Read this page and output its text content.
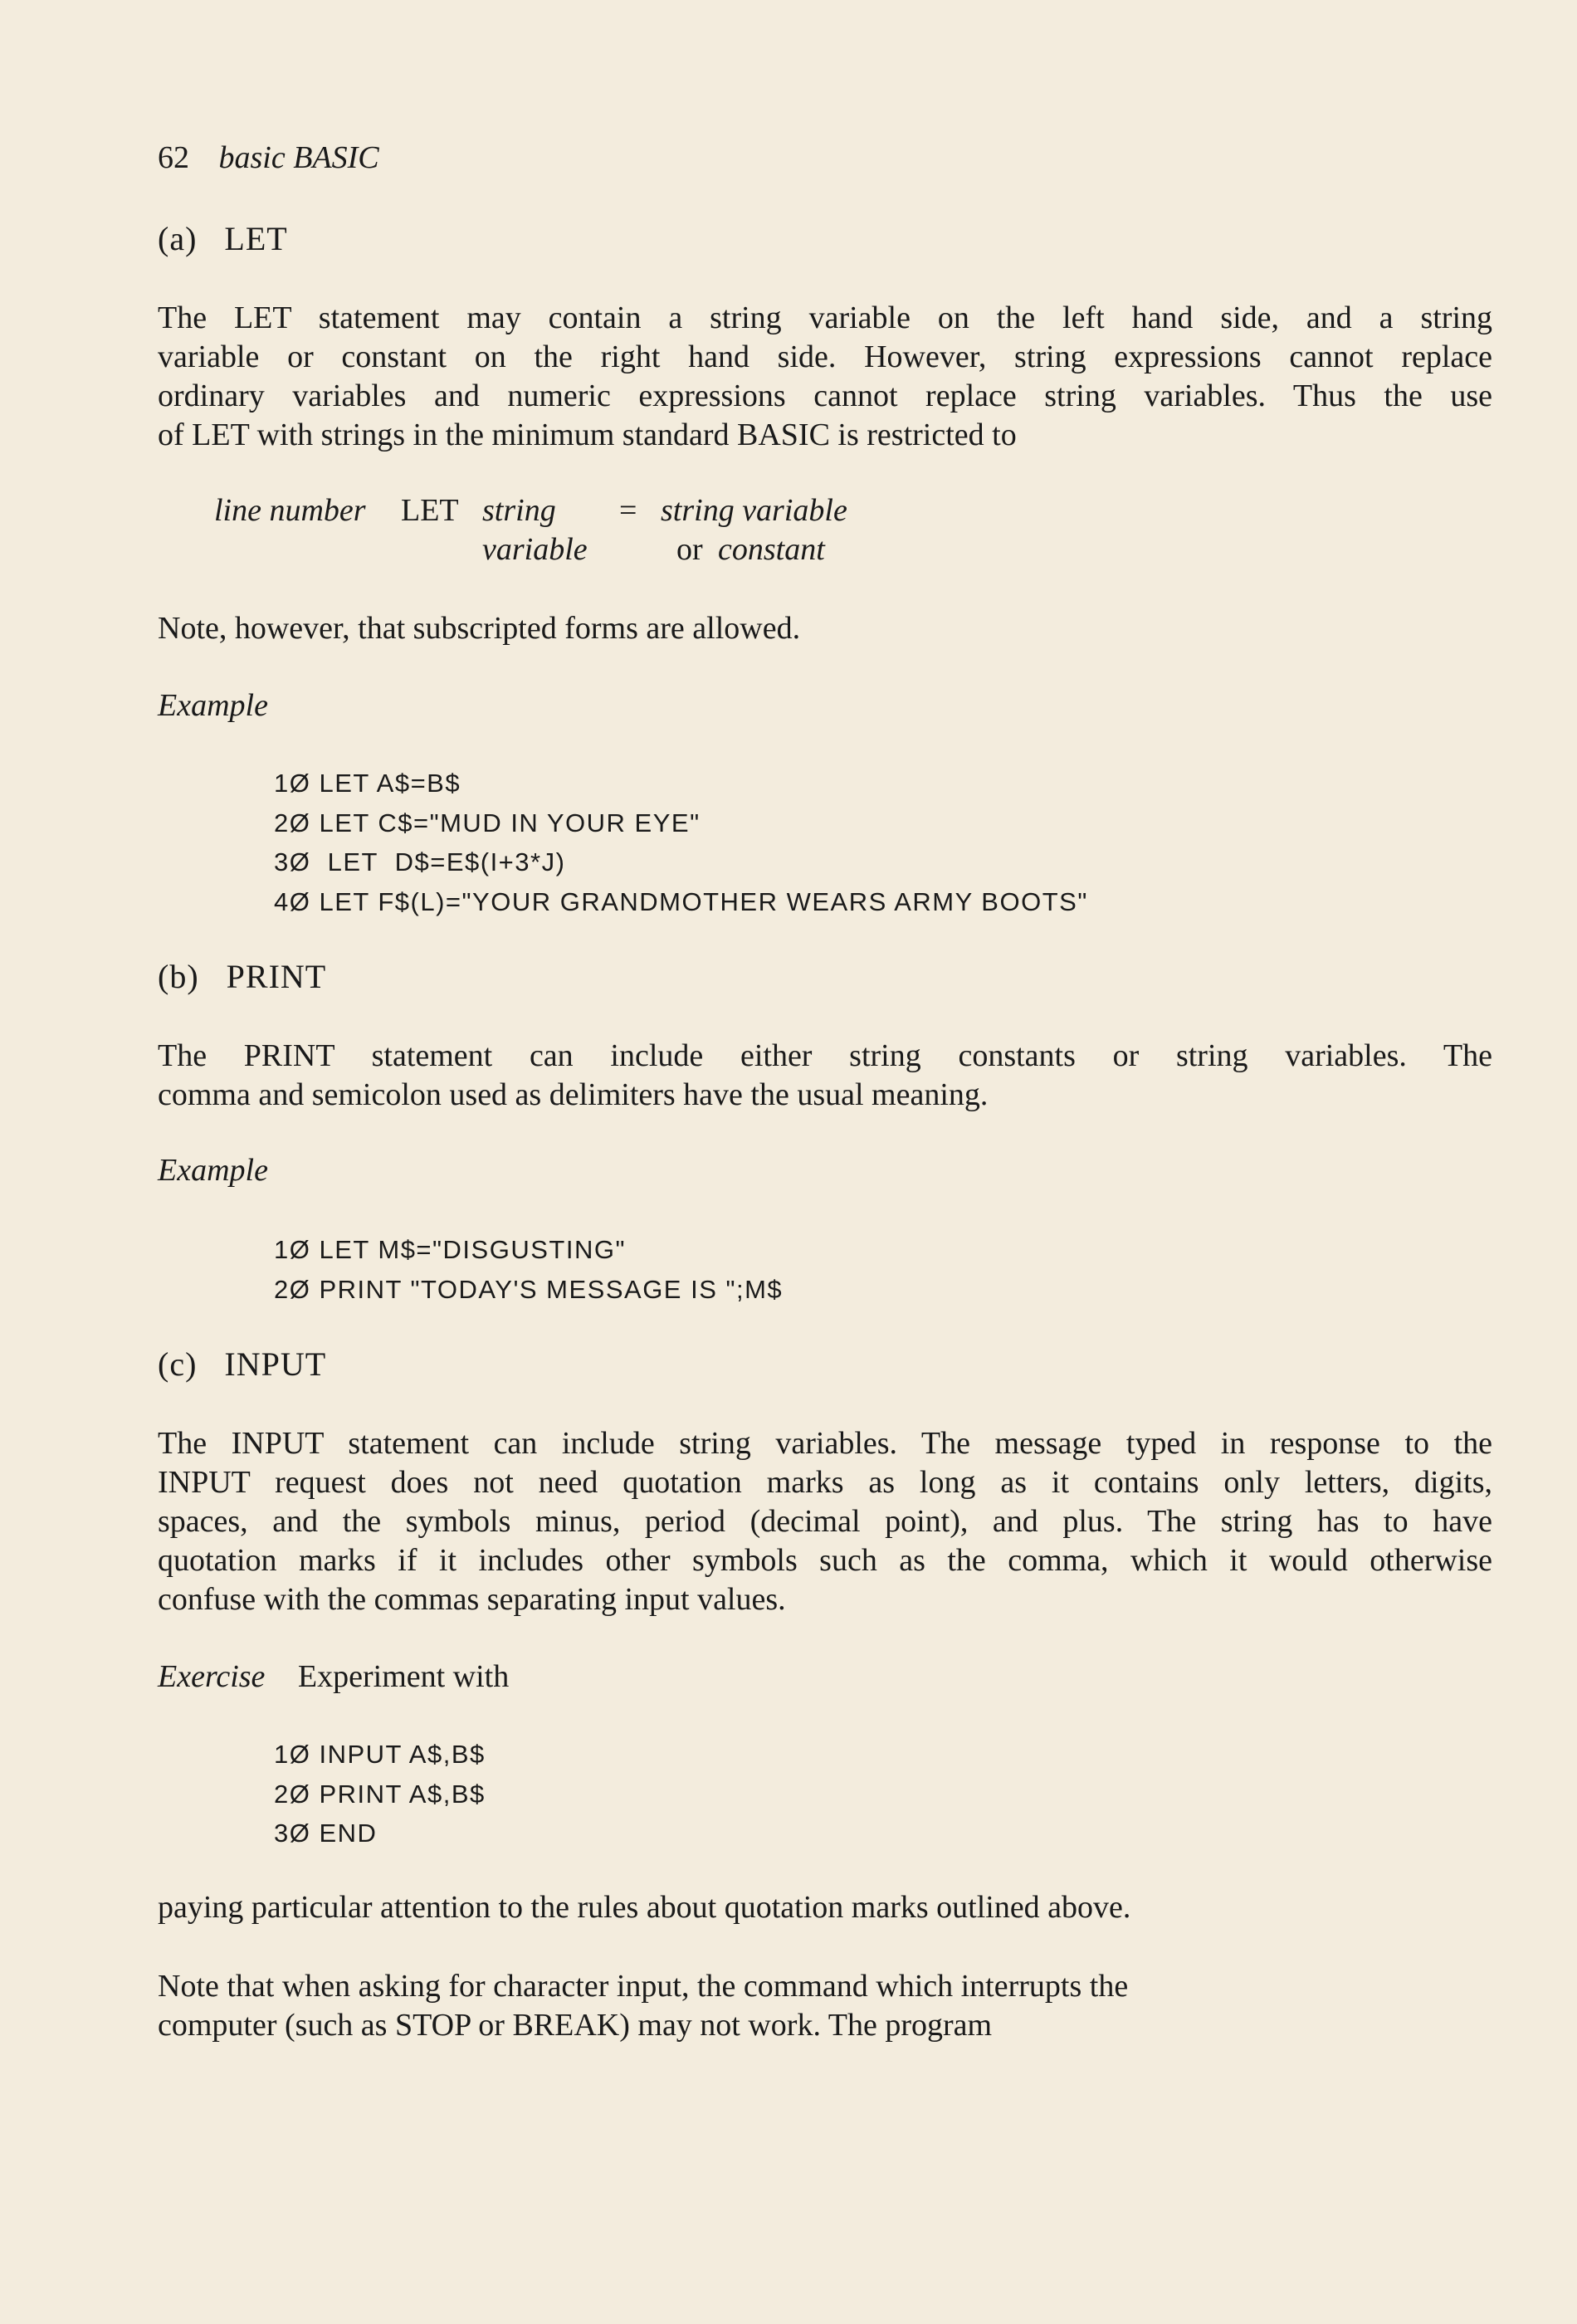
62 basic BASIC
(a) LET
The LET statement may contain a string variable on the left hand side, and a string
variable or constant on the right hand side. However, string expressions cannot replace
ordinary variables and numeric expressions cannot replace string variables. Thus the use
of LET with strings in the minimum standard BASIC is restricted to
line number LET string = string variable
variable	or constant
Note, however, that subscripted forms are allowed.
Example
1Ø LET A$=B$
2Ø LET C$="MUD IN YOUR EYE"
3Ø  LET  D$=E$(I+3*J)
4Ø LET F$(L)="YOUR GRANDMOTHER WEARS ARMY BOOTS"
(b) PRINT
The PRINT statement can include either string constants or string variables. The
comma and semicolon used as delimiters have the usual meaning.
Example
1Ø LET M$="DISGUSTING"
2Ø PRINT "TODAY'S MESSAGE IS ";M$
(c) INPUT
The INPUT statement can include string variables. The message typed in response to the
INPUT request does not need quotation marks as long as it contains only letters, digits,
spaces, and the symbols minus, period (decimal point), and plus. The string has to have
quotation marks if it includes other symbols such as the comma, which it would otherwise
confuse with the commas separating input values.
Exercise Experiment with
1Ø INPUT A$,B$
2Ø PRINT A$,B$
3Ø END
paying particular attention to the rules about quotation marks outlined above.
Note that when asking for character input, the command which interrupts the
computer (such as STOP or BREAK) may not work. The program
